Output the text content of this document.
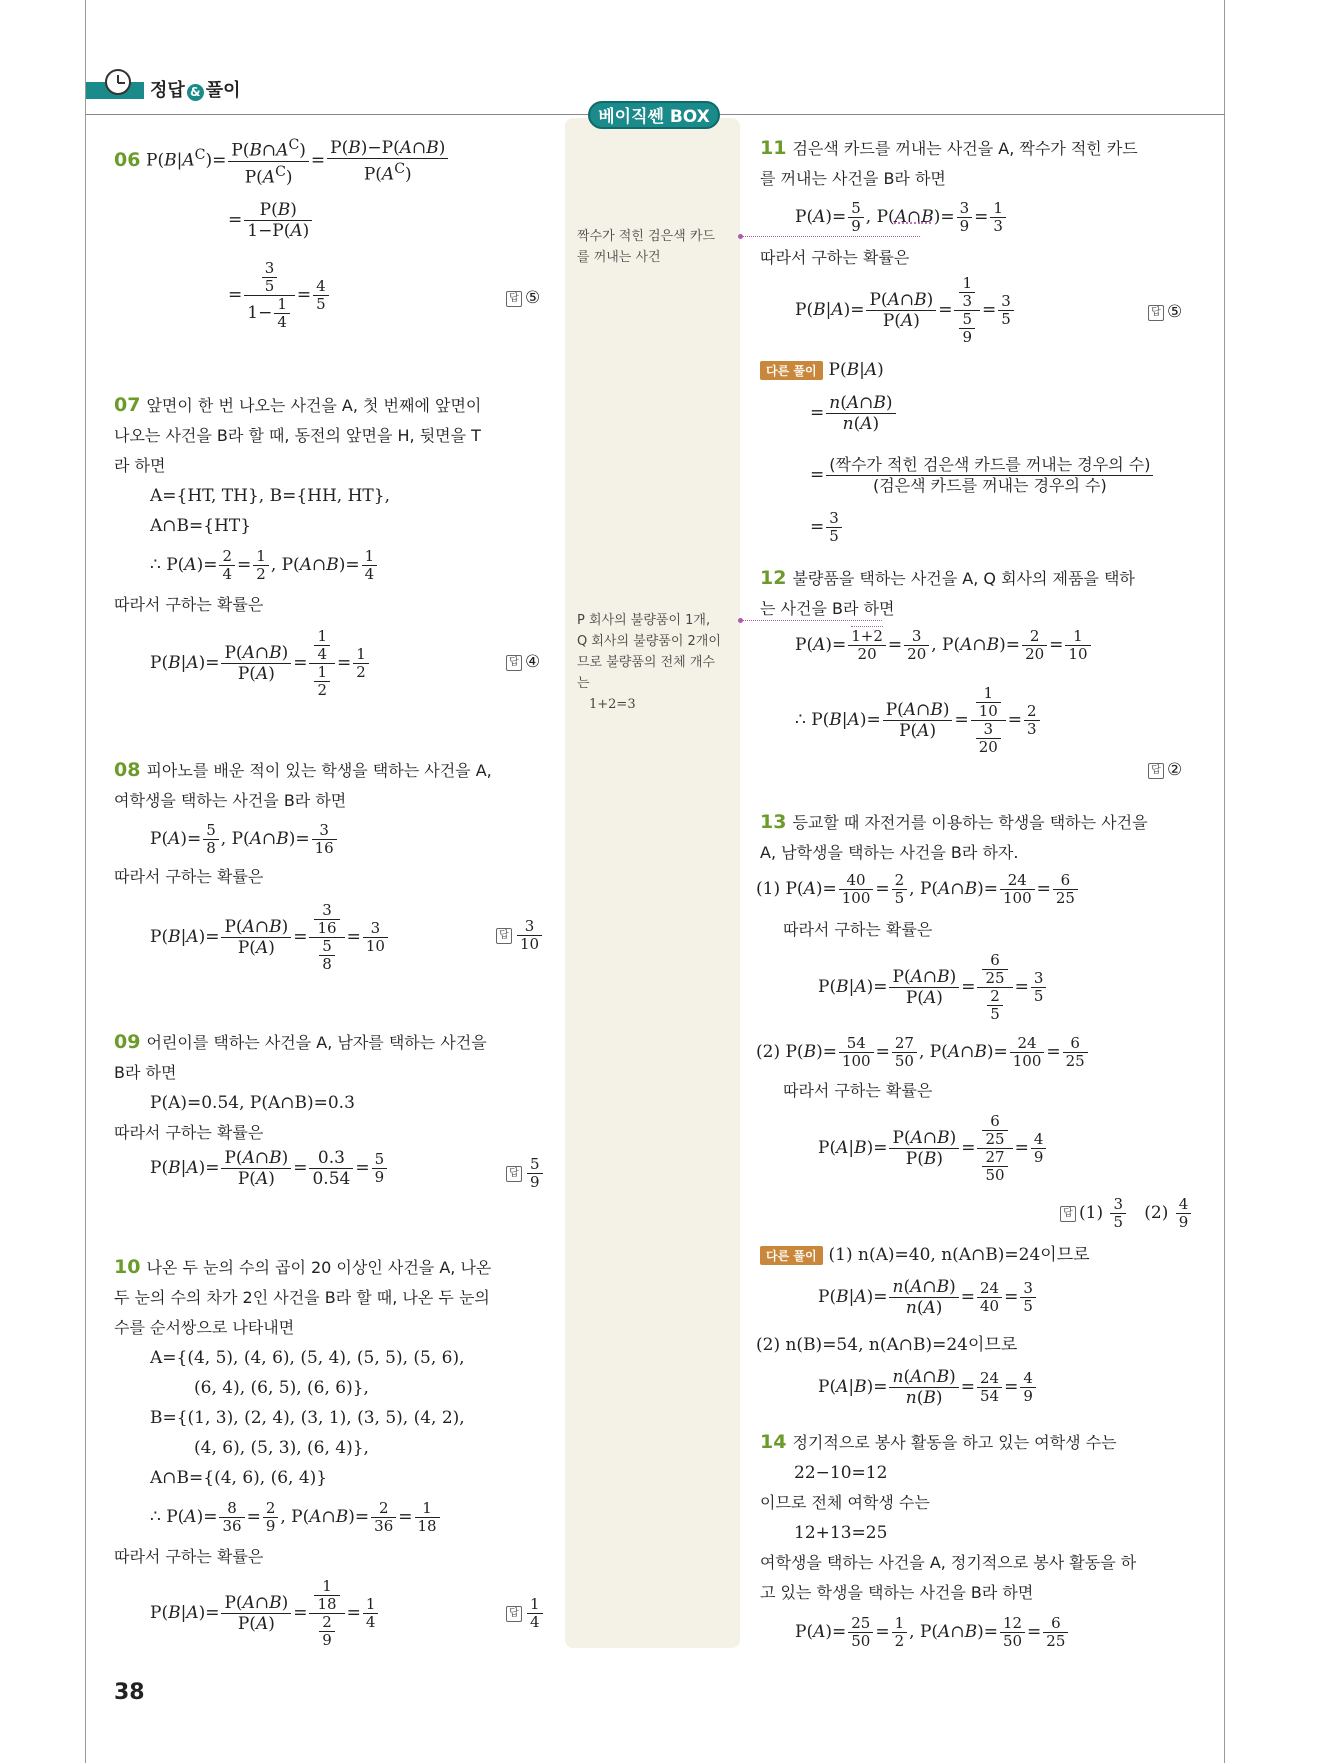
정답 & 풀이
베이직쎈 BOX
짝수가 적힌 검은색 카드
를 꺼내는 사건
P 회사의 불량품이 1개,
Q 회사의 불량품이 2개이
므로 불량품의 전체 개수
는
1+2=3
06 $P(B|A^C)= \frac{P(B\cap A^C)}{P(A^C)} = \frac{P(B)-P(A\cap B)}{P(A^C)}$
= $\frac{P(B)}{1-P(A)}$
= $\frac{\frac{3}{5}}{1- \frac{1}{4}} = \frac{4}{5}$	답 ⑤
07 앞면이 한 번 나오는 사건을 A, 첫 번째에 앞면이
나오는 사건을 B라 할 때, 동전의 앞면을 H, 뒷면을 T
라 하면
A={HT, TH}, B={HH, HT},
A∩B={HT}
∴ $P(A)= \frac{2}{4} = \frac{1}{2}$ , P(A∩B)= $\frac{1}{4}$
따라서 구하는 확률은
$P(B|A)= \frac{P(A\cap B)}{P(A)} = \frac{\frac{1}{4}}{\frac{1}{2}} = \frac{1}{2}$	답 ④
08 피아노를 배운 적이 있는 학생을 택하는 사건을 A,
여학생을 택하는 사건을 B라 하면
$P(A)= \frac{5}{8}$ , P(A∩B)= $\frac{3}{16}$
따라서 구하는 확률은
$P(B|A)= \frac{P(A\cap B)}{P(A)} = \frac{\frac{3}{16}}{\frac{5}{8}} = \frac{3}{10}$	답 $\frac{3}{10}$
09 어린이를 택하는 사건을 A, 남자를 택하는 사건을
B라 하면
P(A)=0.54, P(A∩B)=0.3
따라서 구하는 확률은
$P(B|A)= \frac{P(A\cap B)}{P(A)} = \frac{0.3}{0.54} = \frac{5}{9}$	답 $\frac{5}{9}$
10 나온 두 눈의 수의 곱이 20 이상인 사건을 A, 나온
두 눈의 수의 차가 2인 사건을 B라 할 때, 나온 두 눈의
수를 순서쌍으로 나타내면
A={(4, 5), (4, 6), (5, 4), (5, 5), (5, 6),
(6, 4), (6, 5), (6, 6)},
B={(1, 3), (2, 4), (3, 1), (3, 5), (4, 2),
(4, 6), (5, 3), (6, 4)},
A∩B={(4, 6), (6, 4)}
∴ $P(A)= \frac{8}{36} = \frac{2}{9}$ , P(A∩B)= $\frac{2}{36} = \frac{1}{18}$
따라서 구하는 확률은
$P(B|A)= \frac{P(A\cap B)}{P(A)} = \frac{\frac{1}{18}}{\frac{2}{9}} = \frac{1}{4}$	답 $\frac{1}{4}$
11 검은색 카드를 꺼내는 사건을 A, 짝수가 적힌 카드
를 꺼내는 사건을 B라 하면
$P(A)= \frac{5}{9}$ , P(A∩B)= $\frac{3}{9} = \frac{1}{3}$
따라서 구하는 확률은
$P(B|A)= \frac{P(A\cap B)}{P(A)} = \frac{\frac{1}{3}}{\frac{5}{9}} = \frac{3}{5}$	답 ⑤
다른 풀이 P(B|A)
= $\frac{n(A\cap B)}{n(A)}$
= $\frac{\text{(짝수가 적힌 검은색 카드를 꺼내는 경우의 수)}}{\text{(검은색 카드를 꺼내는 경우의 수)}}$
= $\frac{3}{5}$
12 불량품을 택하는 사건을 A, Q 회사의 제품을 택하
는 사건을 B라 하면
$P(A)= \frac{1+2}{20} = \frac{3}{20}$ , P(A∩B)= $\frac{2}{20} = \frac{1}{10}$
∴ $P(B|A)= \frac{P(A\cap B)}{P(A)} = \frac{\frac{1}{10}}{\frac{3}{20}} = \frac{2}{3}$
답 ②
13 등교할 때 자전거를 이용하는 학생을 택하는 사건을
A, 남학생을 택하는 사건을 B라 하자.
(1) $P(A)= \frac{40}{100} = \frac{2}{5}$ , P(A∩B)= $\frac{24}{100} = \frac{6}{25}$
따라서 구하는 확률은
$P(B|A)= \frac{P(A\cap B)}{P(A)} = \frac{\frac{6}{25}}{\frac{2}{5}} = \frac{3}{5}$
(2) $P(B)= \frac{54}{100} = \frac{27}{50}$ , P(A∩B)= $\frac{24}{100} = \frac{6}{25}$
따라서 구하는 확률은
$P(A|B)= \frac{P(A\cap B)}{P(B)} = \frac{\frac{6}{25}}{\frac{27}{50}} = \frac{4}{9}$
답 $(1) \frac{3}{5} (2) \frac{4}{9}$
다른 풀이 (1) n(A)=40, n(A∩B)=24이므로
$P(B|A)= \frac{n(A\cap B)}{n(A)} = \frac{24}{40} = \frac{3}{5}$
(2) n(B)=54, n(A∩B)=24이므로
$P(A|B)= \frac{n(A\cap B)}{n(B)} = \frac{24}{54} = \frac{4}{9}$
14 정기적으로 봉사 활동을 하고 있는 여학생 수는
22−10=12
이므로 전체 여학생 수는
12+13=25
여학생을 택하는 사건을 A, 정기적으로 봉사 활동을 하
고 있는 학생을 택하는 사건을 B라 하면
$P(A)= \frac{25}{50} = \frac{1}{2}$ , P(A∩B)= $\frac{12}{50} = \frac{6}{25}$
38
